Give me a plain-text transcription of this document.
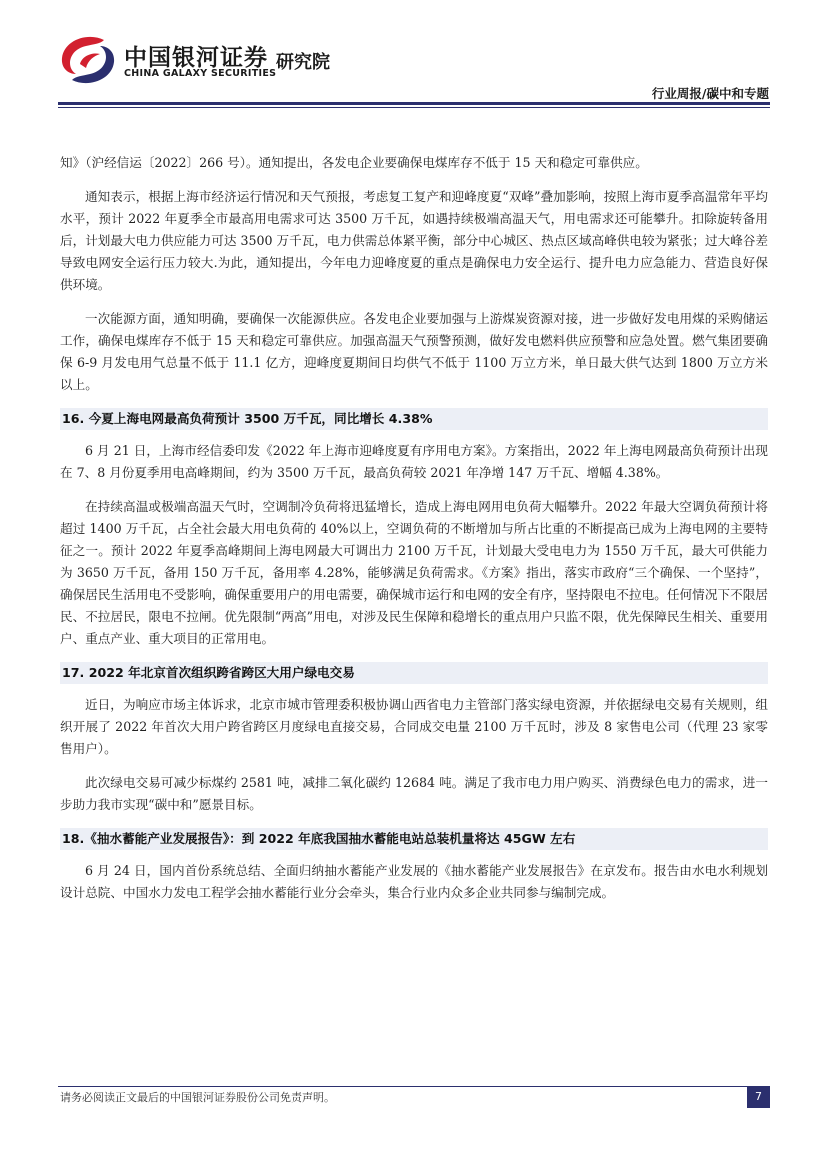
中国银河证券
CHINA GALAXY SECURITIES
研究院
行业周报/碳中和专题

知》（沪经信运〔2022〕266 号）。通知提出，各发电企业要确保电煤库存不低于 15 天和稳定可靠供应。

通知表示，根据上海市经济运行情况和天气预报，考虑复工复产和迎峰度夏“双峰”叠加影响，按照上海市夏季高温常年平均水平，预计 2022 年夏季全市最高用电需求可达 3500 万千瓦，如遇持续极端高温天气，用电需求还可能攀升。扣除旋转备用后，计划最大电力供应能力可达 3500 万千瓦，电力供需总体紧平衡，部分中心城区、热点区域高峰供电较为紧张；过大峰谷差导致电网安全运行压力较大.为此，通知提出，今年电力迎峰度夏的重点是确保电力安全运行、提升电力应急能力、营造良好保供环境。

一次能源方面，通知明确，要确保一次能源供应。各发电企业要加强与上游煤炭资源对接，进一步做好发电用煤的采购储运工作，确保电煤库存不低于 15 天和稳定可靠供应。加强高温天气预警预测，做好发电燃料供应预警和应急处置。燃气集团要确保 6-9 月发电用气总量不低于 11.1 亿方，迎峰度夏期间日均供气不低于 1100 万立方米，单日最大供气达到 1800 万立方米以上。

16. 今夏上海电网最高负荷预计 3500 万千瓦，同比增长 4.38%

6 月 21 日，上海市经信委印发《2022 年上海市迎峰度夏有序用电方案》。方案指出，2022 年上海电网最高负荷预计出现在 7、8 月份夏季用电高峰期间，约为 3500 万千瓦，最高负荷较 2021 年净增 147 万千瓦、增幅 4.38%。

在持续高温或极端高温天气时，空调制冷负荷将迅猛增长，造成上海电网用电负荷大幅攀升。2022 年最大空调负荷预计将超过 1400 万千瓦，占全社会最大用电负荷的 40%以上，空调负荷的不断增加与所占比重的不断提高已成为上海电网的主要特征之一。预计 2022 年夏季高峰期间上海电网最大可调出力 2100 万千瓦，计划最大受电电力为 1550 万千瓦，最大可供能力为 3650 万千瓦，备用 150 万千瓦，备用率 4.28%，能够满足负荷需求。《方案》指出，落实市政府“三个确保、一个坚持”，确保居民生活用电不受影响，确保重要用户的用电需要，确保城市运行和电网的安全有序，坚持限电不拉电。任何情况下不限居民、不拉居民，限电不拉闸。优先限制“两高”用电，对涉及民生保障和稳增长的重点用户只监不限，优先保障民生相关、重要用户、重点产业、重大项目的正常用电。

17. 2022 年北京首次组织跨省跨区大用户绿电交易

近日，为响应市场主体诉求，北京市城市管理委积极协调山西省电力主管部门落实绿电资源，并依据绿电交易有关规则，组织开展了 2022 年首次大用户跨省跨区月度绿电直接交易，合同成交电量 2100 万千瓦时，涉及 8 家售电公司（代理 23 家零售用户）。

此次绿电交易可减少标煤约 2581 吨，减排二氧化碳约 12684 吨。满足了我市电力用户购买、消费绿色电力的需求，进一步助力我市实现“碳中和”愿景目标。

18.《抽水蓄能产业发展报告》：到 2022 年底我国抽水蓄能电站总装机量将达 45GW 左右

6 月 24 日，国内首份系统总结、全面归纳抽水蓄能产业发展的《抽水蓄能产业发展报告》在京发布。报告由水电水利规划设计总院、中国水力发电工程学会抽水蓄能行业分会牵头，集合行业内众多企业共同参与编制完成。

请务必阅读正文最后的中国银河证券股份公司免责声明。	7
